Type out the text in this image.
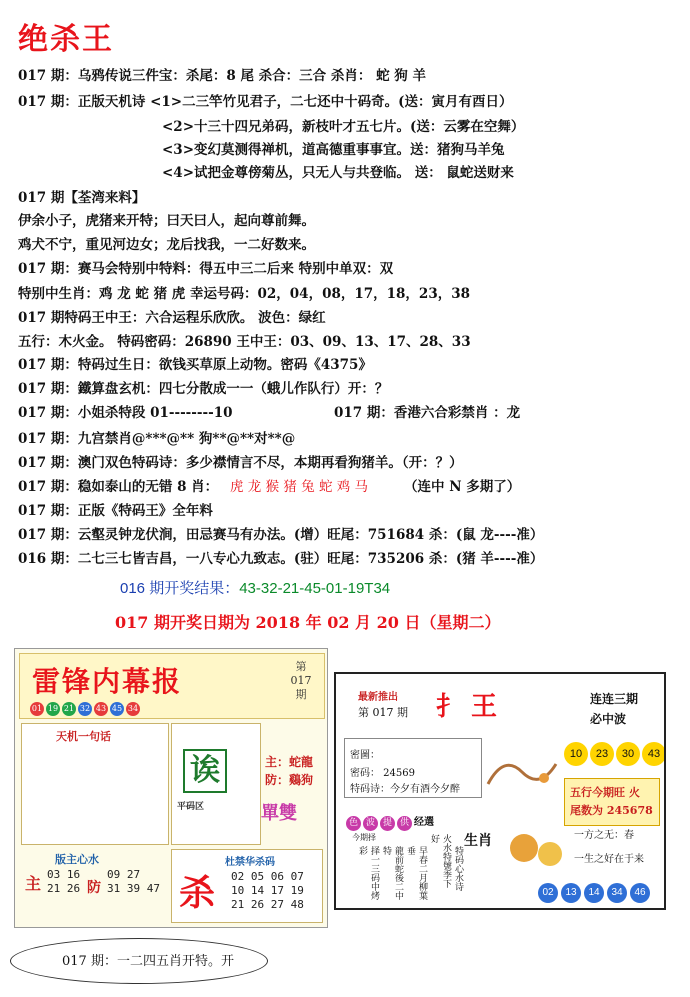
绝杀王
017 期：乌鸦传说三件宝：杀尾：8 尾 杀合：三合 杀肖： 蛇 狗 羊
017 期：正版天机诗 <1>二三竿竹见君子，二七还中十码奇。(送：寅月有酉日）
<2>十三十四兄弟码，新枝叶才五七片。(送：云雾在空舞）
<3>变幻莫测得禅机，道高德重事事宜。送：猪狗马羊兔
<4>试把金尊傍菊丛，只无人与共登临。 送： 鼠蛇送财来
017 期【荃湾来料】
伊余小子，虎猪来开特；曰天曰人，起向尊前舞。
鸡犬不宁，重见河边女；龙后找我，一二好数来。
017 期：赛马会特别中特料：得五中三二后来 特别中单双：双
特别中生肖：鸡 龙 蛇 猪 虎 幸运号码：02，04，08，17，18，23，38
017 期特码王中王：六合运程乐欣欣。 波色：绿红
五行：木火金。 特码密码：26890 王中王：03、09、13、17、28、33
017 期：特码过生日：欲钱买草原上动物。密码《4375》
017 期：鐵算盘玄机：四七分散成一一（蛾儿作队行）开：？
017 期：小姐杀特段 01--------10	017 期：香港六合彩禁肖 ：龙
017 期：九宫禁肖@***@** 狗**@**对**@
017 期：澳门双色特码诗：多少襟情言不尽，本期再看狗猪羊。（开：？）
017 期：稳如泰山的无错 8 肖： 虎 龙 猴 猪 兔 蛇 鸡 马	（连中 N 多期了）
017 期：正版《特码王》全年料
017 期：云壑灵钟龙伏涧，田忌赛马有办法。(增）旺尾：751684 杀：(鼠 龙----准）
016 期：二七三七皆吉昌，一八专心九致志。(驻）旺尾：735206 杀：(猪 羊----准）
016 期开奖结果：43-32-21-45-01-19T34
017 期开奖日期为 2018 年 02 月 20 日（星期二）
雷锋内幕报	第
017 期
01 19 21 32 43 45 34
天机一句话
诶
平码区
主：蛇龍
防：鷄狗
單雙
版主心水
主 03 16 09 27
21 26 防 31 39 47
杜禁华杀码
02 05 06 07
10 14 17 19
21 26 27 48
杀
最新推出
第 017 期 扌 王	连连三期
必中波
10 23 30 43
五行今期旺 火
尾数为 245678
密圖：
密码： 24569
特码诗：今夕有酒今夕醉
色 波 提 供 经選
生肖
今期择
择一三码中烤彩	龍前蛇後二中特	早春二月柳葉垂	火水特號季下好
特码心水诗
一方之无：春
一生之好在于来
02 13 14 34 46
017 期：一二四五肖开特。开
